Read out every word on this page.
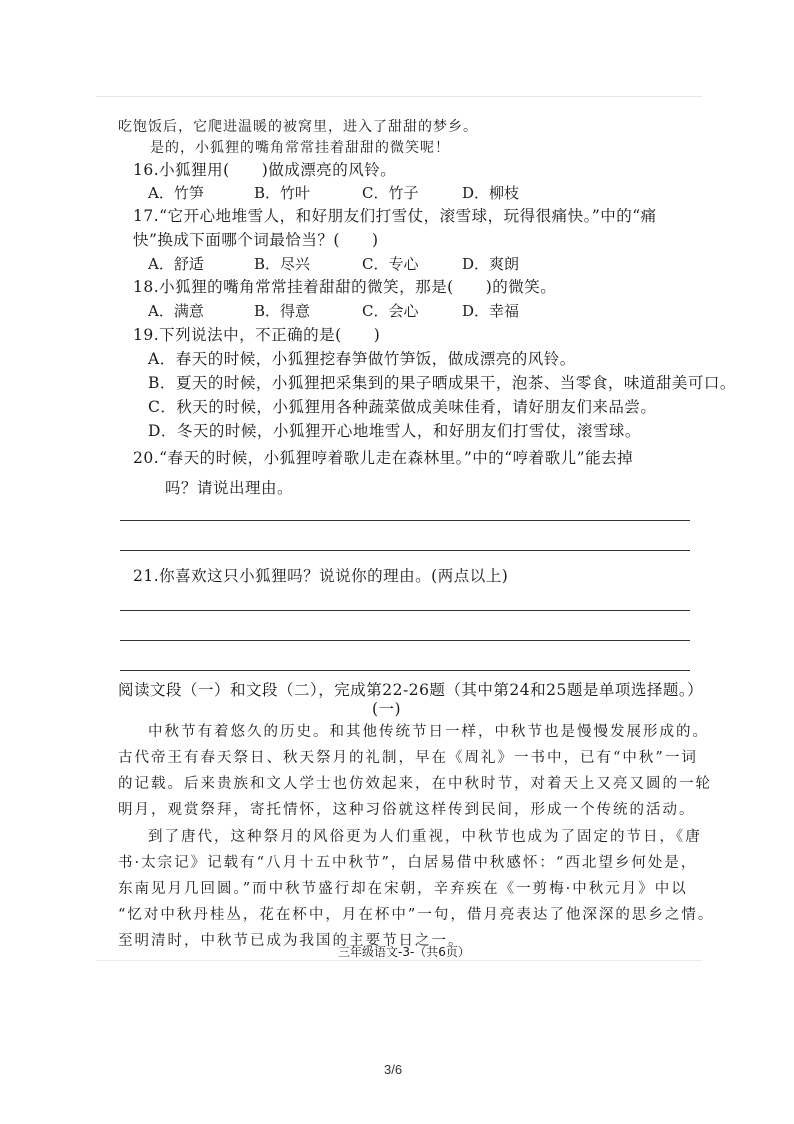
吃饱饭后，它爬进温暖的被窝里，进入了甜甜的梦乡。
是的，小狐狸的嘴角常常挂着甜甜的微笑呢！
16.小狐狸用(　　)做成漂亮的风铃。
A．竹笋	B．竹叶	C．竹子	D．柳枝
17.“它开心地堆雪人，和好朋友们打雪仗，滚雪球，玩得很痛快。”中的“痛
快”换成下面哪个词最恰当？(　　)
A．舒适	B．尽兴	C．专心	D．爽朗
18.小狐狸的嘴角常常挂着甜甜的微笑，那是(　　)的微笑。
A．满意	B．得意	C．会心	D．幸福
19.下列说法中，不正确的是(　　)
A．春天的时候，小狐狸挖春笋做竹笋饭，做成漂亮的风铃。
B．夏天的时候，小狐狸把采集到的果子晒成果干，泡茶、当零食，味道甜美可口。
C．秋天的时候，小狐狸用各种蔬菜做成美味佳肴，请好朋友们来品尝。
D．冬天的时候，小狐狸开心地堆雪人，和好朋友们打雪仗，滚雪球。
20.“春天的时候，小狐狸哼着歌儿走在森林里。”中的“哼着歌儿”能去掉
吗？请说出理由。
21.你喜欢这只小狐狸吗？说说你的理由。(两点以上)
阅读文段（一）和文段（二），完成第22-26题（其中第24和25题是单项选择题。）
(一)
中秋节有着悠久的历史。和其他传统节日一样，中秋节也是慢慢发展形成的。
古代帝王有春天祭日、秋天祭月的礼制，早在《周礼》一书中，已有“中秋”一词
的记载。后来贵族和文人学士也仿效起来，在中秋时节，对着天上又亮又圆的一轮
明月，观赏祭拜，寄托情怀，这种习俗就这样传到民间，形成一个传统的活动。
到了唐代，这种祭月的风俗更为人们重视，中秋节也成为了固定的节日，《唐
书·太宗记》记载有“八月十五中秋节”，白居易借中秋感怀：“西北望乡何处是，
东南见月几回圆。”而中秋节盛行却在宋朝，辛弃疾在《一剪梅·中秋元月》中以
“忆对中秋丹桂丛，花在杯中，月在杯中”一句，借月亮表达了他深深的思乡之情。
至明清时，中秋节已成为我国的主要节日之一。
三年级语文-3-（共6页）
3/6
